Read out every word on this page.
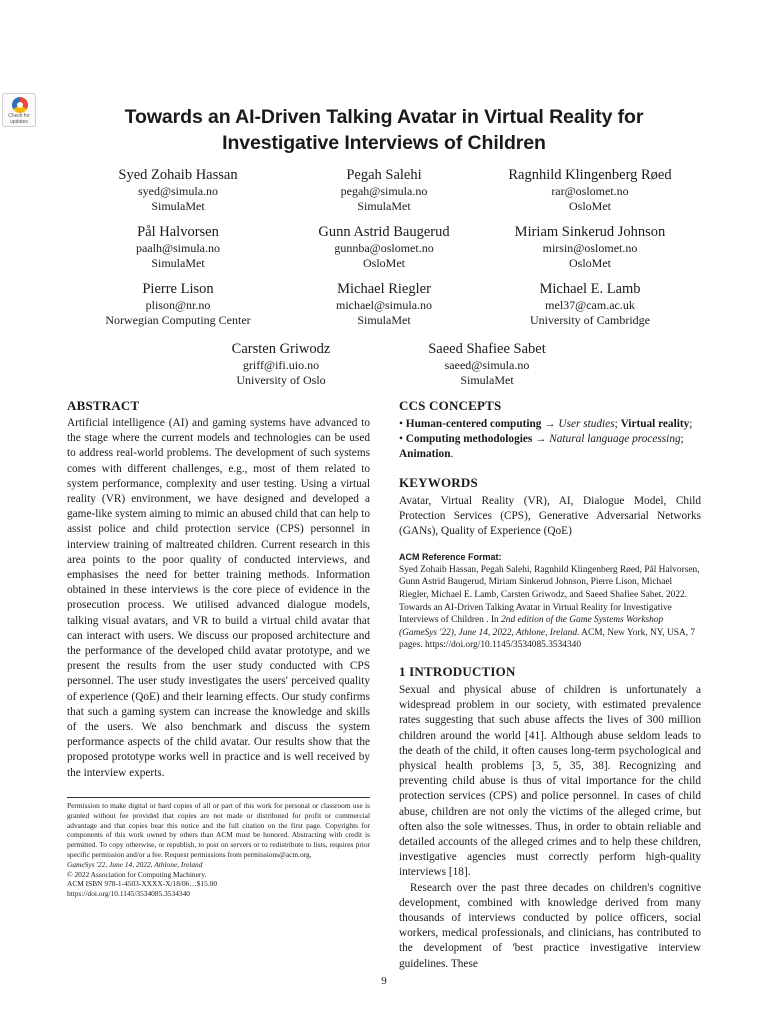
Check for
updates	Towards an AI-Driven Talking Avatar in Virtual Reality for
Investigative Interviews of Children
Syed Zohaib Hassan
syed@simula.no
SimulaMet
Pegah Salehi
pegah@simula.no
SimulaMet
Ragnhild Klingenberg Røed
rar@oslomet.no
OsloMet
Pål Halvorsen
paalh@simula.no
SimulaMet
Gunn Astrid Baugerud
gunnba@oslomet.no
OsloMet
Miriam Sinkerud Johnson
mirsin@oslomet.no
OsloMet
Pierre Lison
plison@nr.no
Norwegian Computing Center
Michael Riegler
michael@simula.no
SimulaMet
Michael E. Lamb
mel37@cam.ac.uk
University of Cambridge
Carsten Griwodz
griff@ifi.uio.no
University of Oslo
Saeed Shafiee Sabet
saeed@simula.no
SimulaMet
ABSTRACT
Artificial intelligence (AI) and gaming systems have advanced to the stage where the current models and technologies can be used to address real-world problems. The development of such systems comes with different challenges, e.g., most of them related to system performance, complexity and user testing. Using a virtual reality (VR) environment, we have designed and developed a game-like system aiming to mimic an abused child that can help to assist police and child protection service (CPS) personnel in interview training of maltreated children. Current research in this area points to the poor quality of conducted interviews, and emphasises the need for better training methods. Information obtained in these interviews is the core piece of evidence in the prosecution process. We utilised advanced dialogue models, talking visual avatars, and VR to build a virtual child avatar that can interact with users. We discuss our proposed architecture and the performance of the developed child avatar prototype, and we present the results from the user study conducted with CPS personnel. The user study investigates the users' perceived quality of experience (QoE) and their learning effects. Our study confirms that such a gaming system can increase the knowledge and skills of the users. We also benchmark and discuss the system performance aspects of the child avatar. Our results show that the proposed prototype works well in practice and is well received by the interview experts.
Permission to make digital or hard copies of all or part of this work for personal or classroom use is granted without fee provided that copies are not made or distributed for profit or commercial advantage and that copies bear this notice and the full citation on the first page. Copyrights for components of this work owned by others than ACM must be honored. Abstracting with credit is permitted. To copy otherwise, or republish, to post on servers or to redistribute to lists, requires prior specific permission and/or a fee. Request permissions from permissions@acm.org.
GameSys '22, June 14, 2022, Athlone, Ireland
© 2022 Association for Computing Machinery.
ACM ISBN 978-1-4503-XXXX-X/18/06…$15.00
https://doi.org/10.1145/3534085.3534340
CCS CONCEPTS
• Human-centered computing → User studies; Virtual reality;
• Computing methodologies → Natural language processing;
Animation.
KEYWORDS
Avatar, Virtual Reality (VR), AI, Dialogue Model, Child Protection Services (CPS), Generative Adversarial Networks (GANs), Quality of Experience (QoE)
ACM Reference Format:
Syed Zohaib Hassan, Pegah Salehi, Ragnhild Klingenberg Røed, Pål Halvorsen, Gunn Astrid Baugerud, Miriam Sinkerud Johnson, Pierre Lison, Michael Riegler, Michael E. Lamb, Carsten Griwodz, and Saeed Shafiee Sabet. 2022. Towards an AI-Driven Talking Avatar in Virtual Reality for Investigative Interviews of Children . In 2nd edition of the Game Systems Workshop (GameSys '22), June 14, 2022, Athlone, Ireland. ACM, New York, NY, USA, 7 pages. https://doi.org/10.1145/3534085.3534340
1 INTRODUCTION

Sexual and physical abuse of children is unfortunately a widespread problem in our society, with estimated prevalence rates suggesting that such abuse affects the lives of 300 million children around the world [41]. Although abuse seldom leads to the death of the child, it often causes long-term psychological and physical health problems [3, 5, 35, 38]. Recognizing and preventing child abuse is thus of vital importance for the child protection services (CPS) and police personnel. In cases of child abuse, children are not only the victims of the alleged crime, but often also the sole witnesses. Thus, in order to obtain reliable and detailed accounts of the alleged crimes and to help these children, investigative agencies must correctly perform high-quality interviews [18].

Research over the past three decades on children's cognitive development, combined with knowledge derived from many thousands of interviews conducted by police officers, social workers, medical professionals, and clinicians, has contributed to the development of 'best practice investigative interview guidelines. These

9
